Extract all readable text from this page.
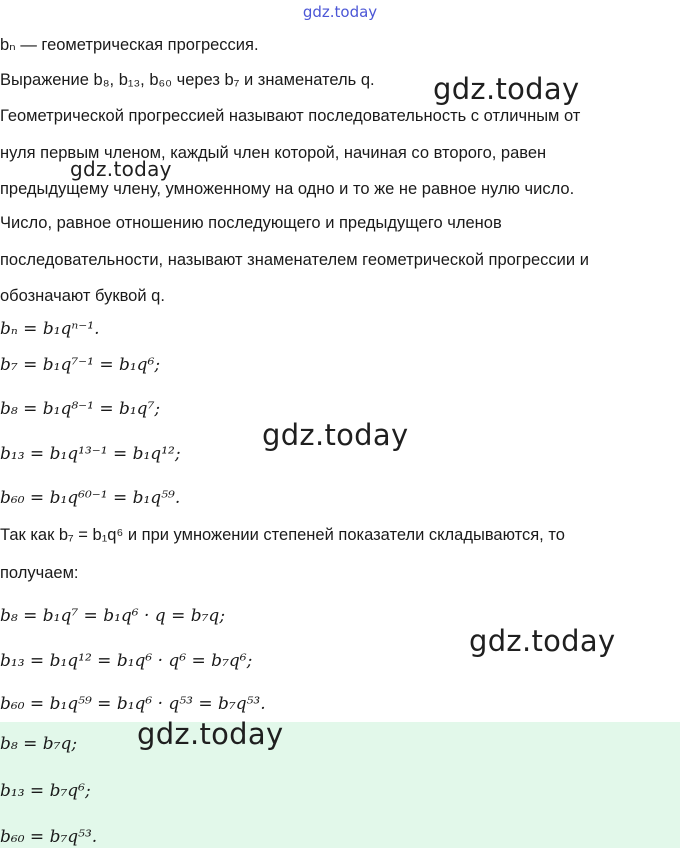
gdz.today
bₙ — геометрическая прогрессия.
Выражение b₈, b₁₃, b₆₀ через b₇ и знаменатель q.
Геометрической прогрессией называют последовательность с отличным от
нуля первым членом, каждый член которой, начиная со второго, равен
предыдущему члену, умноженному на одно и то же не равное нулю число.
Число, равное отношению последующего и предыдущего членов
последовательности, называют знаменателем геометрической прогрессии и
обозначают буквой q.
bₙ = b₁qⁿ⁻¹.
b₇ = b₁q⁷⁻¹ = b₁q⁶;
b₈ = b₁q⁸⁻¹ = b₁q⁷;
b₁₃ = b₁q¹³⁻¹ = b₁q¹²;
b₆₀ = b₁q⁶⁰⁻¹ = b₁q⁵⁹.
Так как b₇ = b₁q⁶ и при умножении степеней показатели складываются, то
получаем:
b₈ = b₁q⁷ = b₁q⁶ · q = b₇q;
b₁₃ = b₁q¹² = b₁q⁶ · q⁶ = b₇q⁶;
b₆₀ = b₁q⁵⁹ = b₁q⁶ · q⁵³ = b₇q⁵³.
b₈ = b₇q;
b₁₃ = b₇q⁶;
b₆₀ = b₇q⁵³.
gdz.today
gdz.today
gdz.today
gdz.today
gdz.today
